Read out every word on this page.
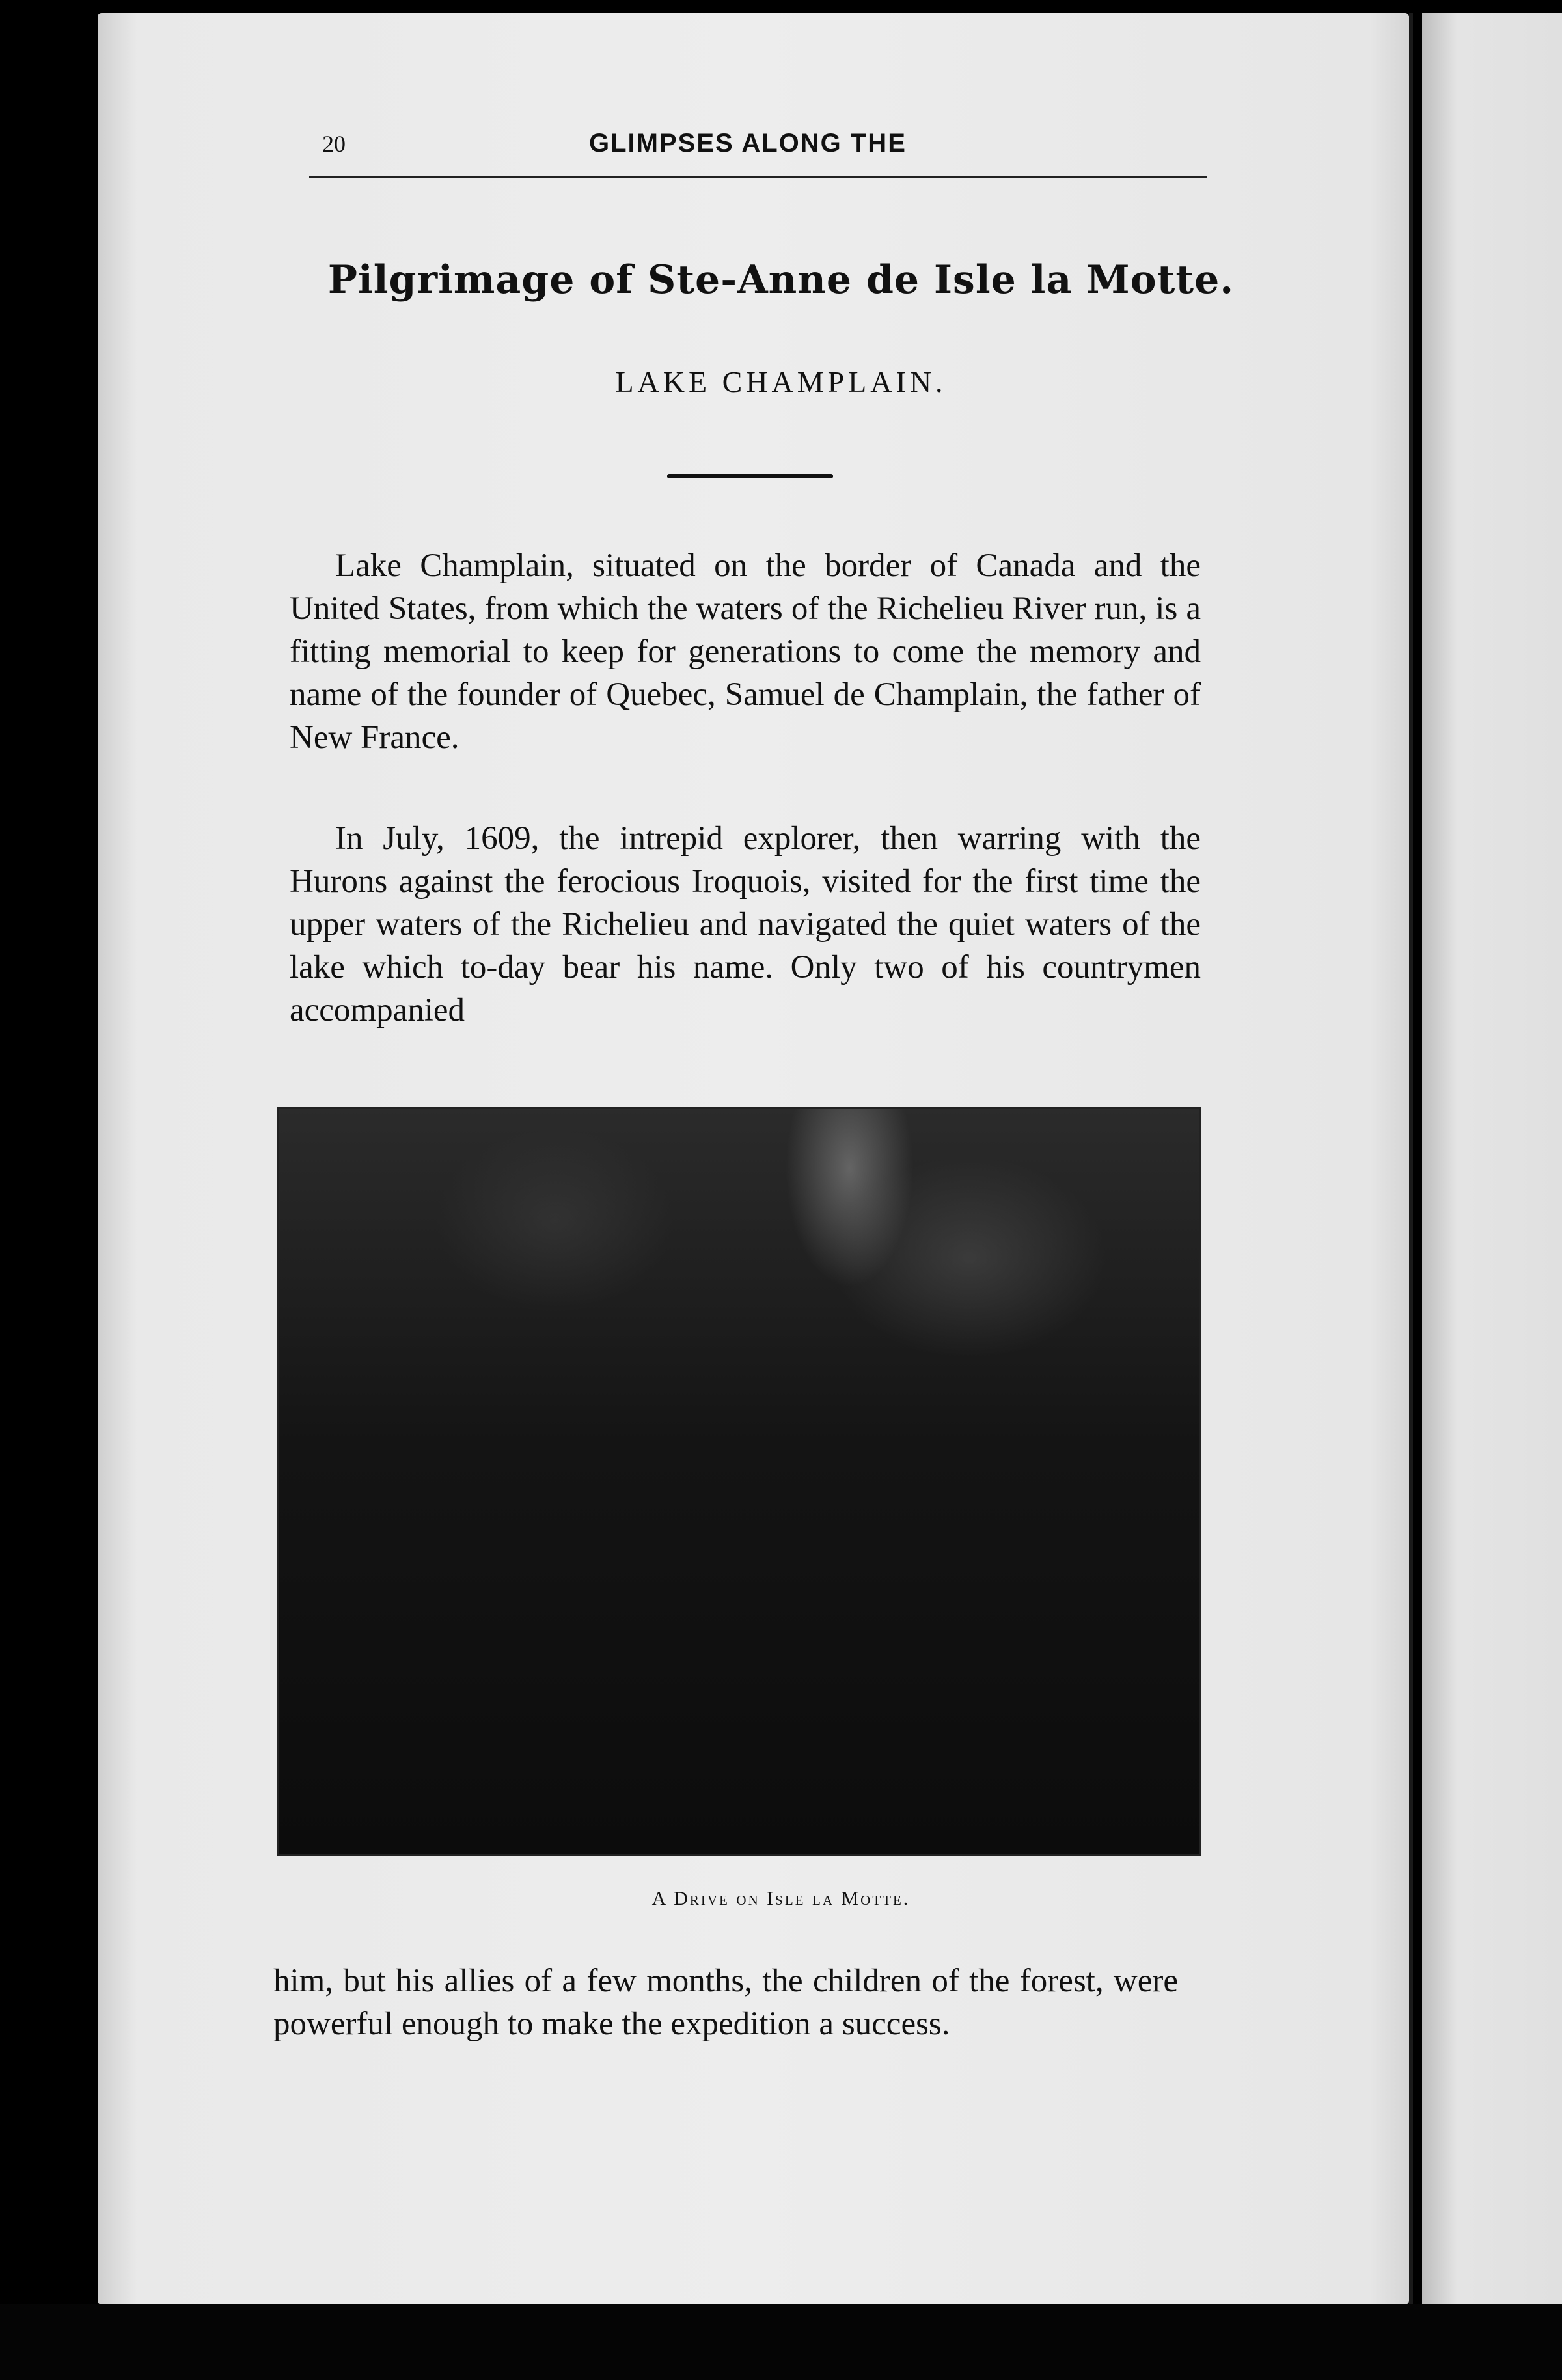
20	GLIMPSES ALONG THE
Pilgrimage of Ste-Anne de Isle la Motte.
LAKE CHAMPLAIN.

Lake Champlain, situated on the border of Canada and the United States, from which the waters of the Richelieu River run, is a fitting memorial to keep for generations to come the memory and name of the founder of Quebec, Samuel de Champlain, the father of New France.

In July, 1609, the intrepid explorer, then warring with the Hurons against the ferocious Iroquois, visited for the first time the upper waters of the Richelieu and navigated the quiet waters of the lake which to-day bear his name. Only two of his countrymen accompanied

A Drive on Isle la Motte.

him, but his allies of a few months, the children of the forest, were powerful enough to make the expedition a success.
